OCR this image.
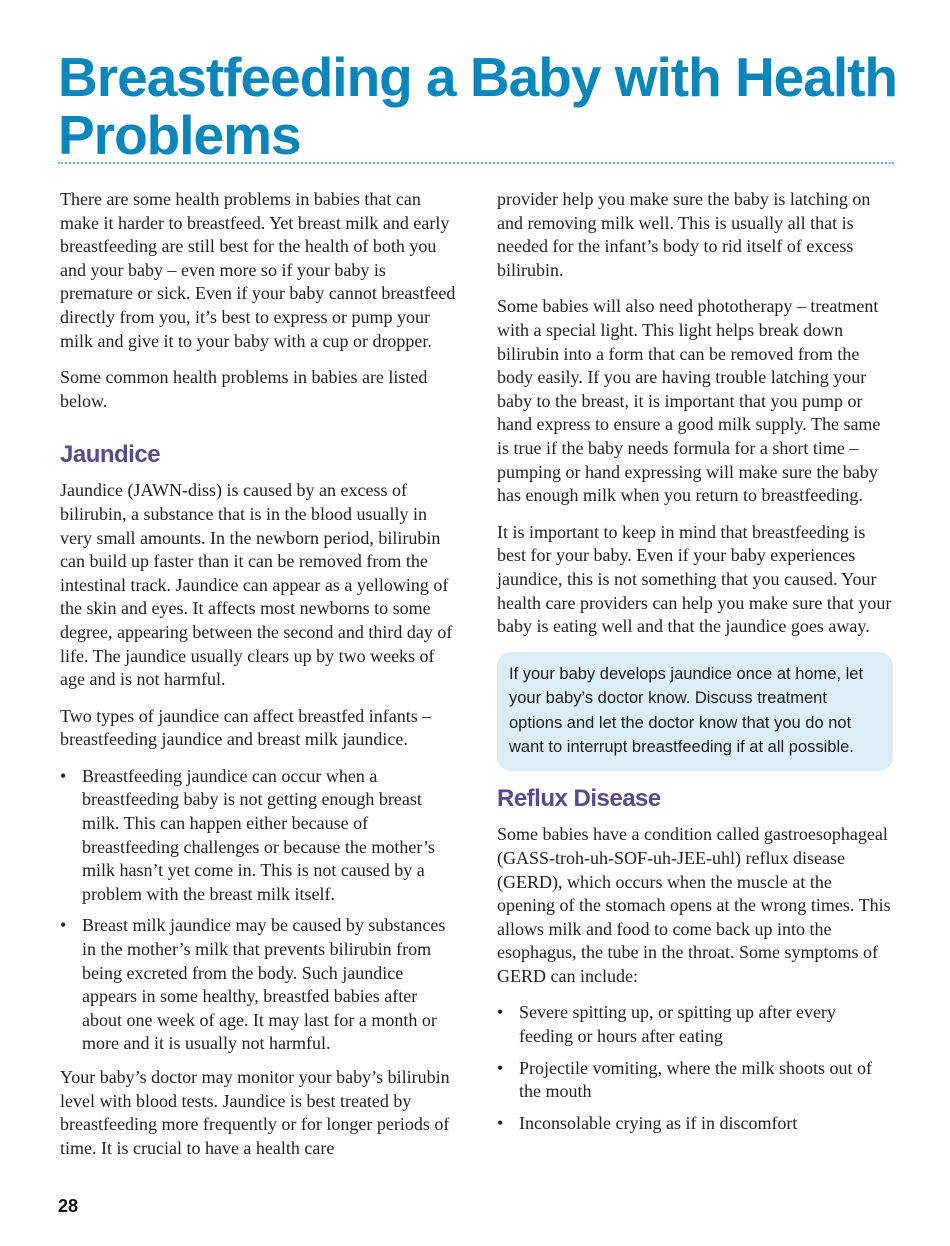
Breastfeeding a Baby with Health Problems

There are some health problems in babies that can make it harder to breastfeed. Yet breast milk and early breastfeeding are still best for the health of both you and your baby – even more so if your baby is premature or sick. Even if your baby cannot breastfeed directly from you, it’s best to express or pump your milk and give it to your baby with a cup or dropper.

Some common health problems in babies are listed below.

Jaundice

Jaundice (JAWN-diss) is caused by an excess of bilirubin, a substance that is in the blood usually in very small amounts. In the newborn period, bilirubin can build up faster than it can be removed from the intestinal track. Jaundice can appear as a yellowing of the skin and eyes. It affects most newborns to some degree, appearing between the second and third day of life. The jaundice usually clears up by two weeks of age and is not harmful.

Two types of jaundice can affect breastfed infants – breastfeeding jaundice and breast milk jaundice.

• Breastfeeding jaundice can occur when a breastfeeding baby is not getting enough breast milk. This can happen either because of breastfeeding challenges or because the mother’s milk hasn’t yet come in. This is not caused by a problem with the breast milk itself.
• Breast milk jaundice may be caused by substances in the mother’s milk that prevents bilirubin from being excreted from the body. Such jaundice appears in some healthy, breastfed babies after about one week of age. It may last for a month or more and it is usually not harmful.

Your baby’s doctor may monitor your baby’s bilirubin level with blood tests. Jaundice is best treated by breastfeeding more frequently or for longer periods of time. It is crucial to have a health care

provider help you make sure the baby is latching on and removing milk well. This is usually all that is needed for the infant’s body to rid itself of excess bilirubin.

Some babies will also need phototherapy – treatment with a special light. This light helps break down bilirubin into a form that can be removed from the body easily. If you are having trouble latching your baby to the breast, it is important that you pump or hand express to ensure a good milk supply. The same is true if the baby needs formula for a short time – pumping or hand expressing will make sure the baby has enough milk when you return to breastfeeding.

It is important to keep in mind that breastfeeding is best for your baby. Even if your baby experiences jaundice, this is not something that you caused. Your health care providers can help you make sure that your baby is eating well and that the jaundice goes away.

If your baby develops jaundice once at home, let your baby’s doctor know. Discuss treatment options and let the doctor know that you do not want to interrupt breastfeeding if at all possible.
Reflux Disease

Some babies have a condition called gastroesophageal (GASS-troh-uh-SOF-uh-JEE-uhl) reflux disease (GERD), which occurs when the muscle at the opening of the stomach opens at the wrong times. This allows milk and food to come back up into the esophagus, the tube in the throat. Some symptoms of GERD can include:

• Severe spitting up, or spitting up after every feeding or hours after eating
• Projectile vomiting, where the milk shoots out of the mouth
• Inconsolable crying as if in discomfort
28
